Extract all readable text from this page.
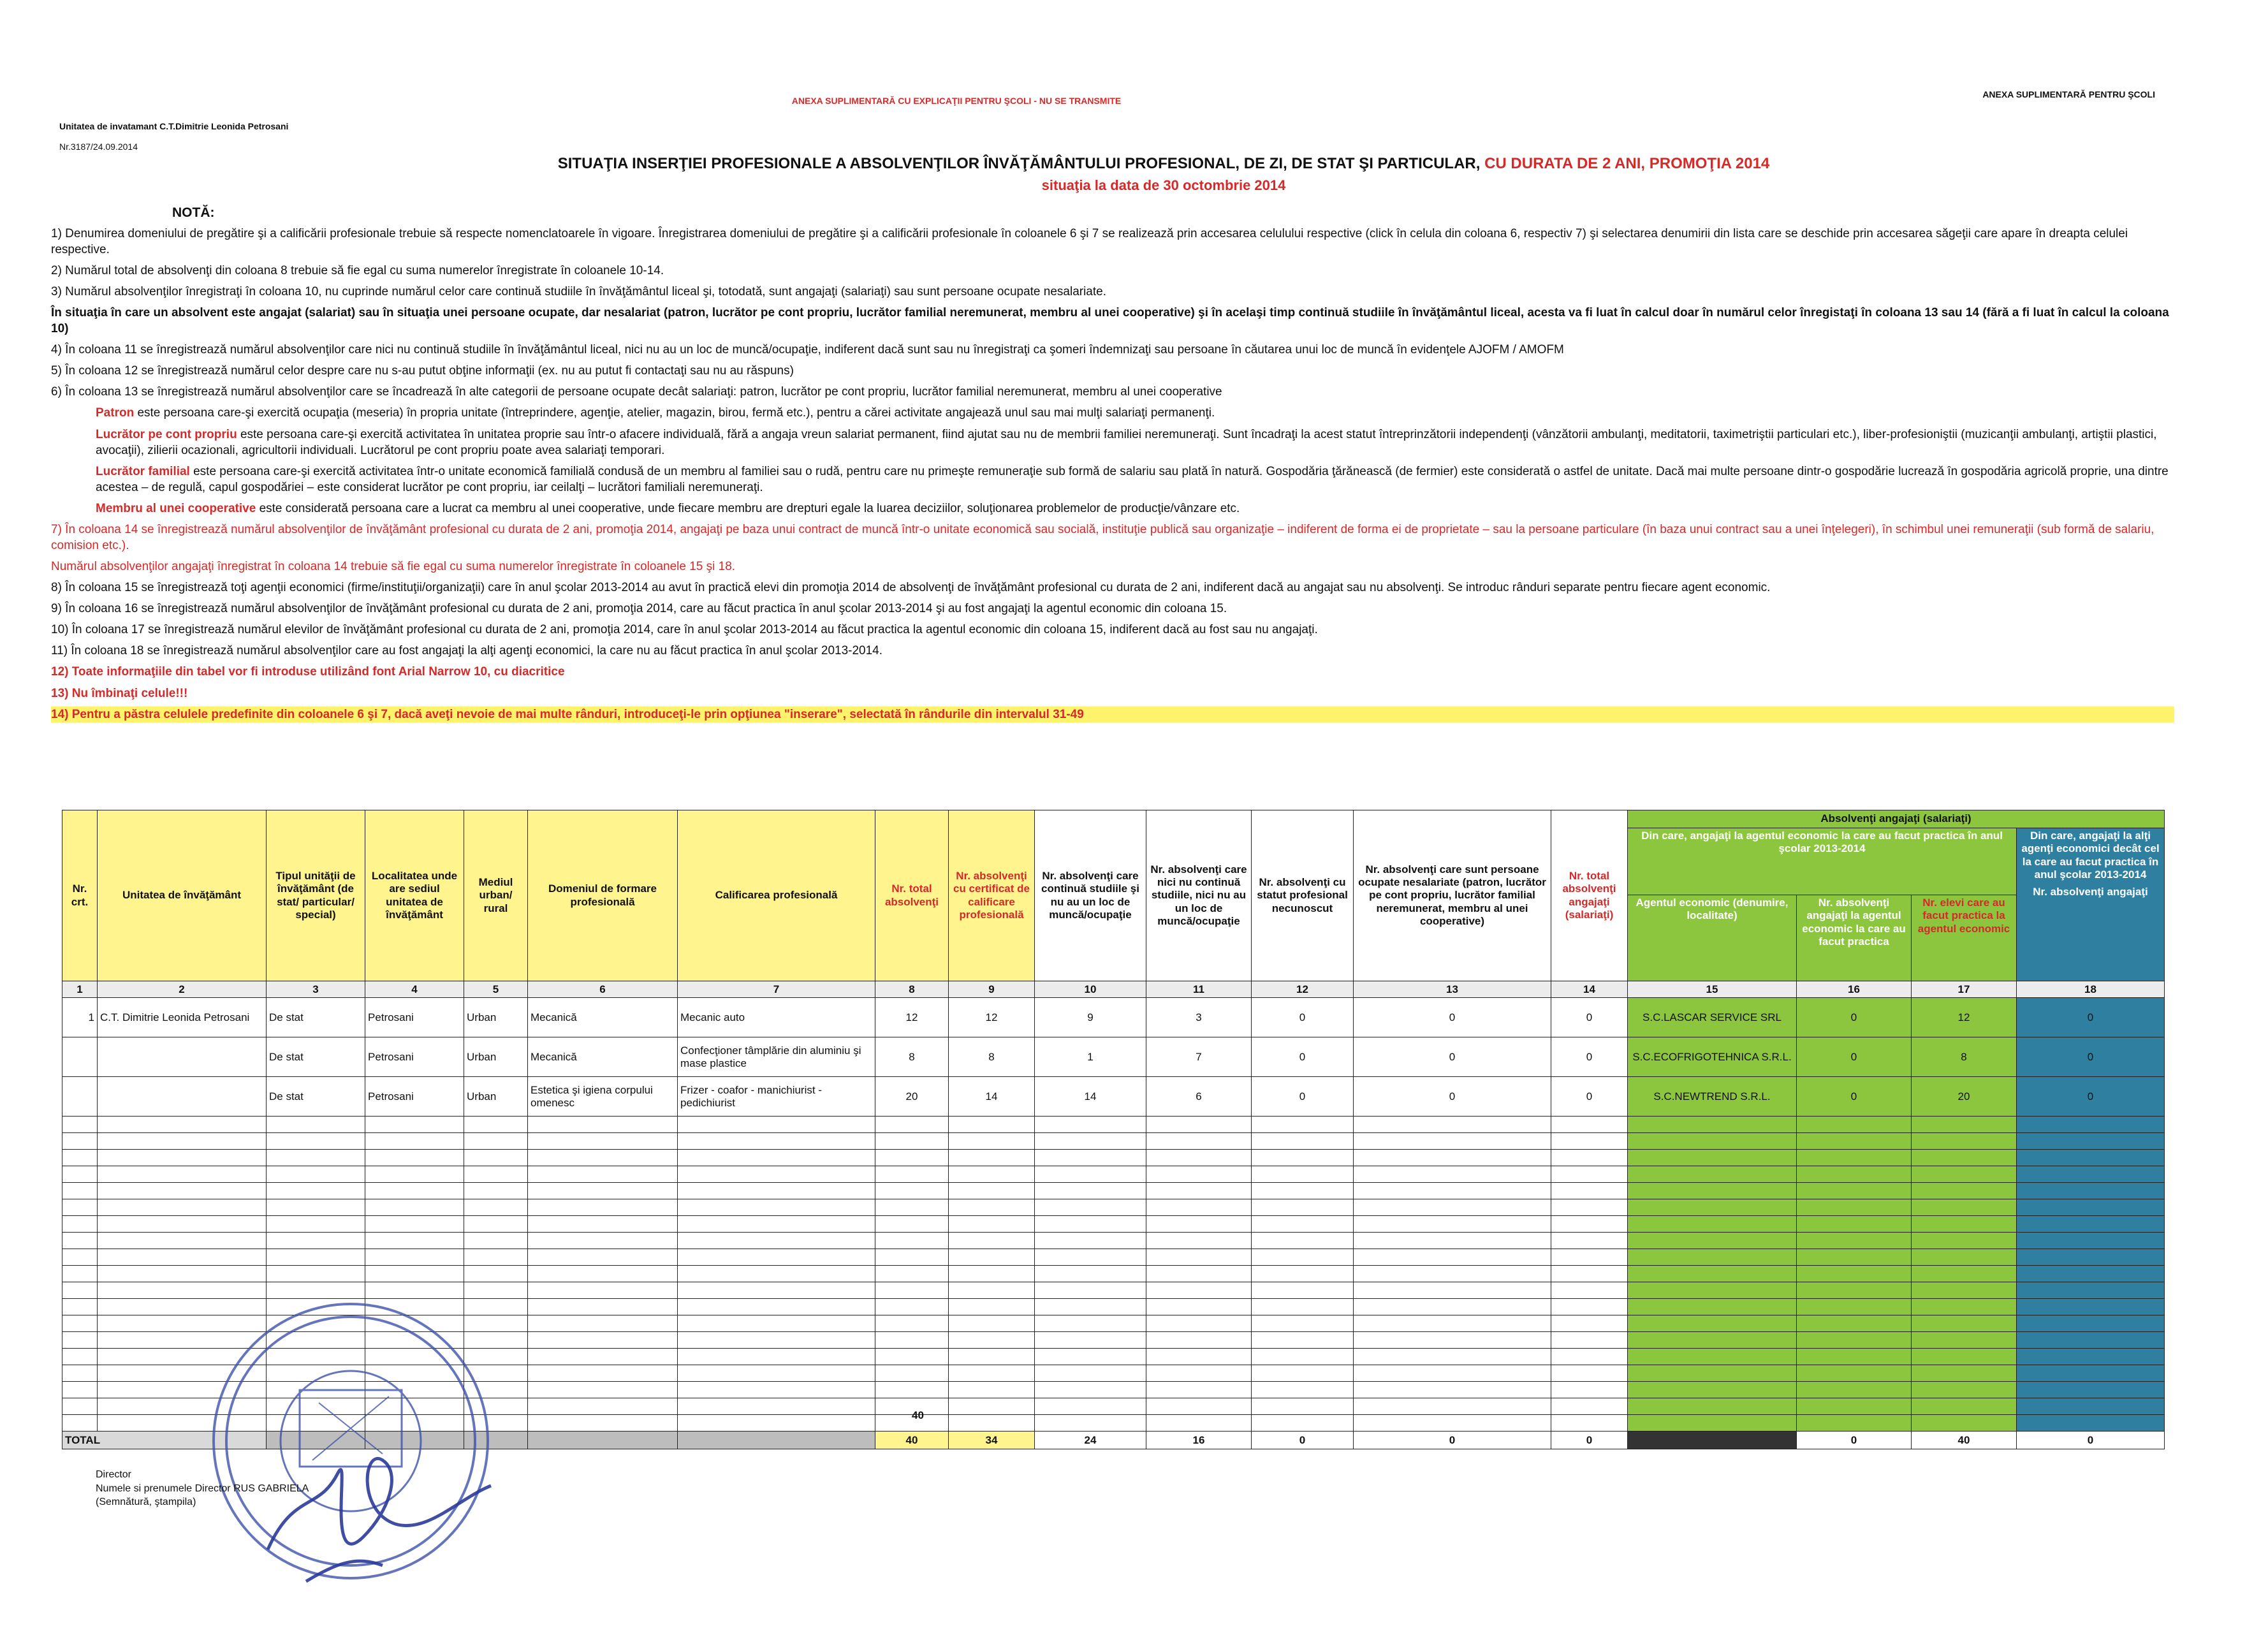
ANEXA SUPLIMENTARĂ CU EXPLICAŢII PENTRU ŞCOLI - NU SE TRANSMITE
ANEXA SUPLIMENTARĂ PENTRU ŞCOLI
Unitatea de invatamant C.T.Dimitrie Leonida Petrosani
Nr.3187/24.09.2014
SITUAŢIA INSERŢIEI PROFESIONALE A ABSOLVENŢILOR ÎNVĂŢĂMÂNTULUI PROFESIONAL, DE ZI, DE STAT ŞI PARTICULAR, CU DURATA DE 2 ANI, PROMOŢIA 2014
situaţia la data de 30 octombrie 2014
NOTĂ:
1) Denumirea domeniului de pregătire şi a calificării profesionale trebuie să respecte nomenclatoarele în vigoare. Înregistrarea domeniului de pregătire şi a calificării profesionale în coloanele 6 şi 7 se realizează prin accesarea celulului respective (click în celula din coloana 6, respectiv 7) şi selectarea denumirii din lista care se deschide prin accesarea săgeţii care apare în dreapta celulei respective.
2) Numărul total de absolvenţi din coloana 8 trebuie să fie egal cu suma numerelor înregistrate în coloanele 10-14.
3) Numărul absolvenţilor înregistraţi în coloana 10, nu cuprinde numărul celor care continuă studiile în învăţământul liceal şi, totodată, sunt angajaţi (salariaţi) sau sunt persoane ocupate nesalariate.
În situaţia în care un absolvent este angajat (salariat) sau în situaţia unei persoane ocupate, dar nesalariat (patron, lucrător pe cont propriu, lucrător familial neremunerat, membru al unei cooperative) şi în acelaşi timp continuă studiile în învăţământul liceal, acesta va fi luat în calcul doar în numărul celor înregistaţi în coloana 13 sau 14 (fără a fi luat în calcul la coloana 10)
4) În coloana 11 se înregistrează numărul absolvenţilor care nici nu continuă studiile în învăţământul liceal, nici nu au un loc de muncă/ocupaţie, indiferent dacă sunt sau nu înregistraţi ca şomeri îndemnizaţi sau persoane în căutarea unui loc de muncă în evidenţele AJOFM / AMOFM
5) În coloana 12 se înregistrează numărul celor despre care nu s-au putut obţine informaţii (ex. nu au putut fi contactaţi sau nu au răspuns)
6) În coloana 13 se înregistrează numărul absolvenţilor care se încadrează în alte categorii de persoane ocupate decât salariaţi: patron, lucrător pe cont propriu, lucrător familial neremunerat, membru al unei cooperative
Patron este persoana care-şi exercită ocupaţia (meseria) în propria unitate (întreprindere, agenţie, atelier, magazin, birou, fermă etc.), pentru a cărei activitate angajează unul sau mai mulţi salariaţi permanenţi.
Lucrător pe cont propriu este persoana care-şi exercită activitatea în unitatea proprie sau într-o afacere individuală, fără a angaja vreun salariat permanent, fiind ajutat sau nu de membrii familiei neremuneraţi. Sunt încadraţi la acest statut întreprinzătorii independenţi (vânzătorii ambulanţi, meditatorii, taximetriştii particulari etc.), liber-profesioniştii (muzicanţii ambulanţi, artiştii plastici, avocaţii), zilierii ocazionali, agricultorii individuali. Lucrătorul pe cont propriu poate avea salariaţi temporari.
Lucrător familial este persoana care-şi exercită activitatea într-o unitate economică familială condusă de un membru al familiei sau o rudă, pentru care nu primeşte remuneraţie sub formă de salariu sau plată în natură. Gospodăria ţărănească (de fermier) este considerată o astfel de unitate. Dacă mai multe persoane dintr-o gospodărie lucrează în gospodăria agricolă proprie, una dintre acestea – de regulă, capul gospodăriei – este considerat lucrător pe cont propriu, iar ceilalţi – lucrători familiali neremuneraţi.
Membru al unei cooperative este considerată persoana care a lucrat ca membru al unei cooperative, unde fiecare membru are drepturi egale la luarea deciziilor, soluţionarea problemelor de producţie/vânzare etc.
7) În coloana 14 se înregistrează numărul absolvenţilor de învăţământ profesional cu durata de 2 ani, promoţia 2014, angajaţi pe baza unui contract de muncă într-o unitate economică sau socială, instituţie publică sau organizaţie – indiferent de forma ei de proprietate – sau la persoane particulare (în baza unui contract sau a unei înţelegeri), în schimbul unei remuneraţii (sub formă de salariu, comision etc.).
Numărul absolvenţilor angajaţi înregistrat în coloana 14 trebuie să fie egal cu suma numerelor înregistrate în coloanele 15 şi 18.
8) În coloana 15 se înregistrează toţi agenţii economici (firme/instituţii/organizaţii) care în anul şcolar 2013-2014 au avut în practică elevi din promoţia 2014 de absolvenţi de învăţământ profesional cu durata de 2 ani, indiferent dacă au angajat sau nu absolvenţi. Se introduc rânduri separate pentru fiecare agent economic.
9) În coloana 16 se înregistrează numărul absolvenţilor de învăţământ profesional cu durata de 2 ani, promoţia 2014, care au făcut practica în anul şcolar 2013-2014 şi au fost angajaţi la agentul economic din coloana 15.
10) În coloana 17 se înregistrează numărul elevilor de învăţământ profesional cu durata de 2 ani, promoţia 2014, care în anul şcolar 2013-2014 au făcut practica la agentul economic din coloana 15, indiferent dacă au fost sau nu angajaţi.
11) În coloana 18 se înregistrează numărul absolvenţilor care au fost angajaţi la alţi agenţi economici, la care nu au făcut practica în anul şcolar 2013-2014.
12) Toate informaţiile din tabel vor fi introduse utilizând font Arial Narrow 10, cu diacritice
13) Nu îmbinaţi celule!!!
14) Pentru a păstra celulele predefinite din coloanele 6 şi 7, dacă aveţi nevoie de mai multe rânduri, introduceţi-le prin opţiunea "inserare", selectată în rândurile din intervalul 31-49
Nr. crt.	Unitatea de învăţământ	Tipul unităţii de învăţământ (de stat/ particular/ special)	Localitatea unde are sediul unitatea de învăţământ	Mediul urban/ rural	Domeniul de formare profesională	Calificarea profesională	Nr. total absolvenţi	Nr. absolvenţi cu certificat de calificare profesională	Nr. absolvenţi care continuă studiile şi nu au un loc de muncă/ocupaţie	Nr. absolvenţi care nici nu continuă studiile, nici nu au un loc de muncă/ocupaţie	Nr. absolvenţi cu statut profesional necunoscut	Nr. absolvenţi care sunt persoane ocupate nesalariate (patron, lucrător pe cont propriu, lucrător familial neremunerat, membru al unei cooperative)	Nr. total absolvenţi angajaţi (salariaţi)	Absolvenţi angajaţi (salariaţi)			
														Din care, angajaţi la agentul economic la care au facut practica în anul şcolar 2013-2014			Din care, angajaţi la alţi agenţi economici decât cel la care au facut practica în anul şcolar 2013-2014
Nr. absolvenţi angajaţi

														Agentul economic (denumire, localitate)	Nr. absolvenţi angajaţi la agentul economic la care au facut practica	Nr. elevi care au facut practica la agentul economic	
1	2	3	4	5	6	7	8	9	10	11	12	13	14	15	16	17	18
1	C.T. Dimitrie Leonida Petrosani	De stat	Petrosani	Urban	Mecanică	Mecanic auto	12	12	9	3	0	0	0	S.C.LASCAR SERVICE SRL	0	12	0
		De stat	Petrosani	Urban	Mecanică	Confecţioner tâmplărie din aluminiu şi mase plastice	8	8	1	7	0	0	0	S.C.ECOFRIGOTEHNICA S.R.L.	0	8	0
		De stat	Petrosani	Urban	Estetica şi igiena corpului omenesc	Frizer - coafor - manichiurist - pedichiurist	20	14	14	6	0	0	0	S.C.NEWTREND S.R.L.	0	20	0

TOTAL							40	34	24	16	0	0	0		0	40	0
40
Director
Numele si prenumele Director RUS GABRIELA
(Semnătură, ştampila)
